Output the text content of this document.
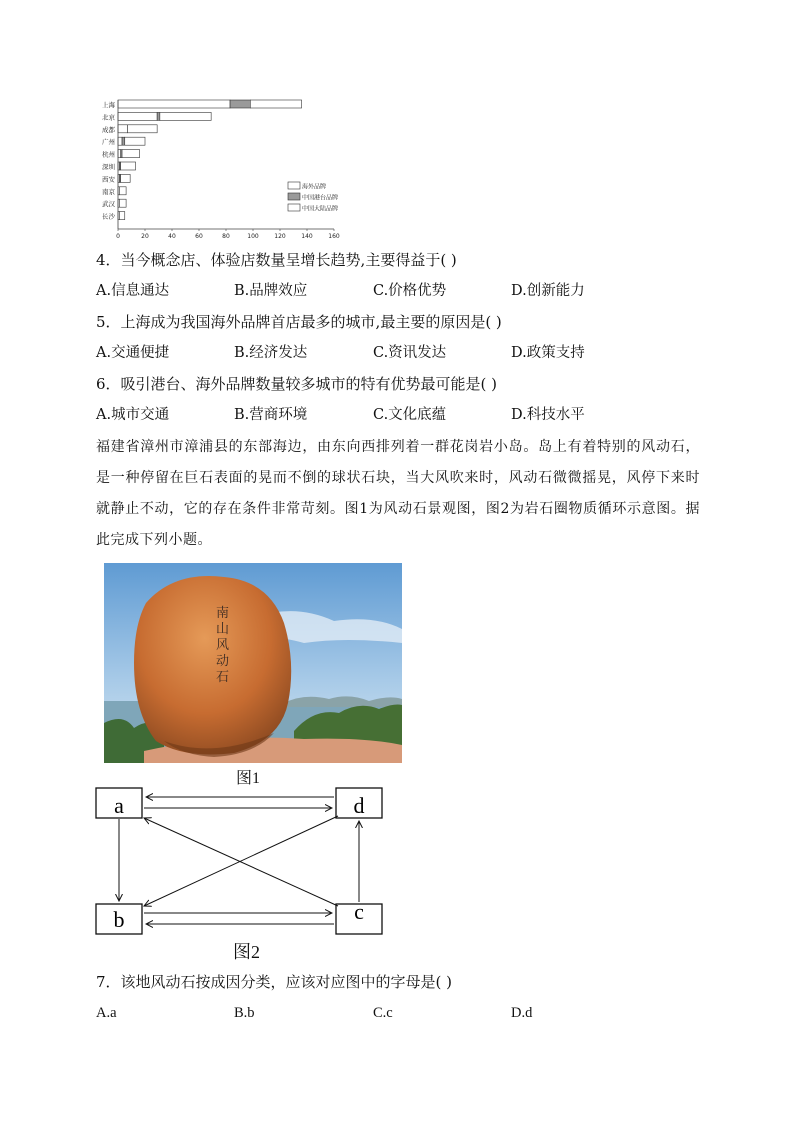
上海
北京
成都
广州
杭州
深圳
西安
南京
武汉
长沙
0	20	40	60	80	100	120	140	160
海外品牌
中国港台品牌
中国大陆品牌
4．当今概念店、体验店数量呈增长趋势,主要得益于( )
A.信息通达	B.品牌效应	C.价格优势	D.创新能力
5．上海成为我国海外品牌首店最多的城市,最主要的原因是( )
A.交通便捷	B.经济发达	C.资讯发达	D.政策支持
6．吸引港台、海外品牌数量较多城市的特有优势最可能是( )
A.城市交通	B.营商环境	C.文化底蕴	D.科技水平
福建省漳州市漳浦县的东部海边，由东向西排列着一群花岗岩小岛。岛上有着特别的风动石，是一种停留在巨石表面的晃而不倒的球状石块，当大风吹来时，风动石微微摇晃，风停下来时就静止不动，它的存在条件非常苛刻。图1为风动石景观图，图2为岩石圈物质循环示意图。据此完成下列小题。
南山风动石
图1
a	d
b	c
图2
7．该地风动石按成因分类，应该对应图中的字母是( )
A.a	B.b	C.c	D.d
